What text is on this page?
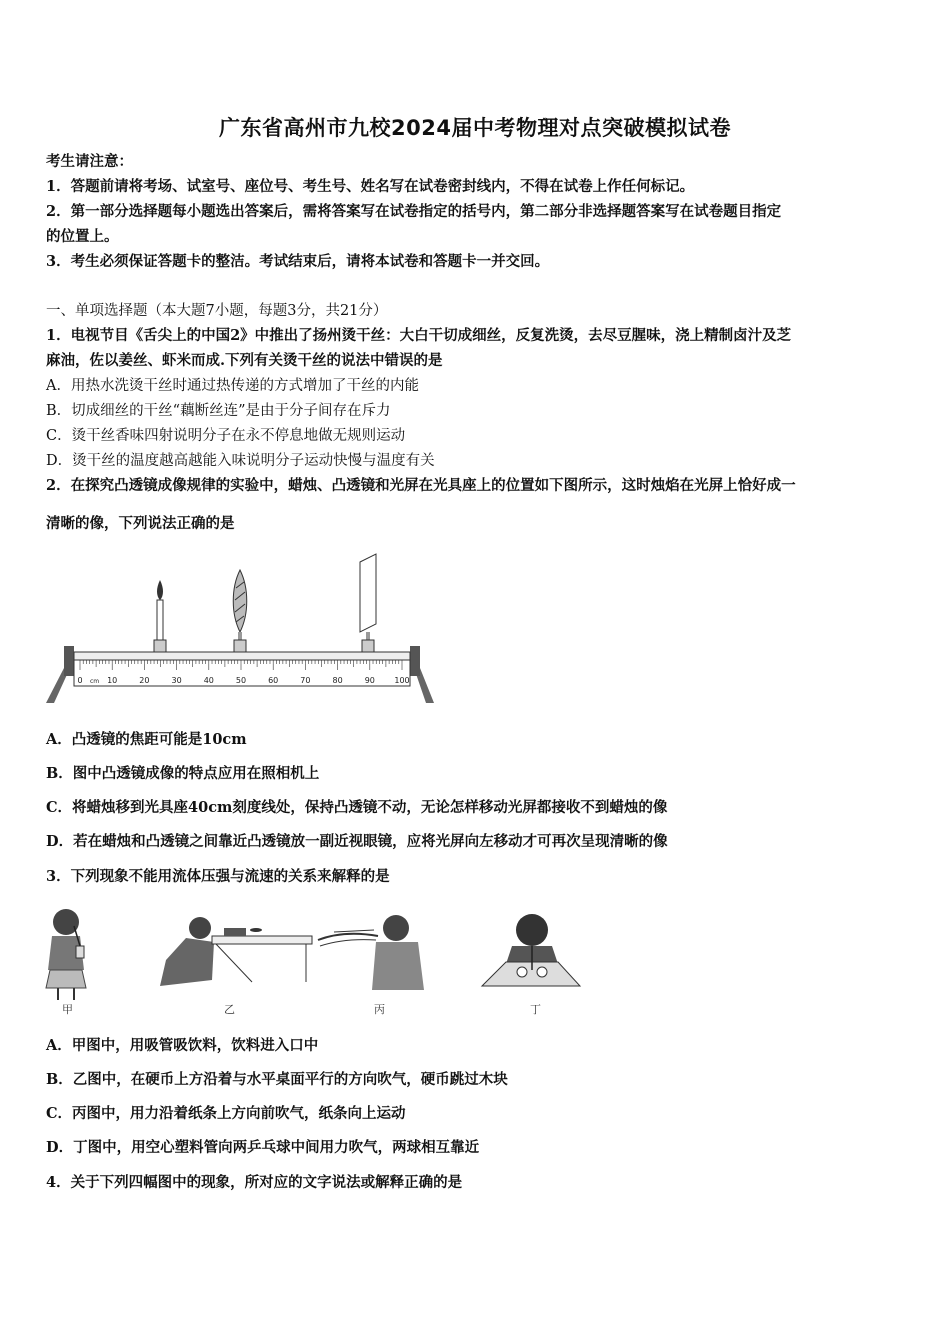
广东省高州市九校2024届中考物理对点突破模拟试卷
考生请注意：
1．答题前请将考场、试室号、座位号、考生号、姓名写在试卷密封线内，不得在试卷上作任何标记。
2．第一部分选择题每小题选出答案后，需将答案写在试卷指定的括号内，第二部分非选择题答案写在试卷题目指定
的位置上。
3．考生必须保证答题卡的整洁。考试结束后，请将本试卷和答题卡一并交回。
一、单项选择题（本大题7小题，每题3分，共21分）
1．电视节目《舌尖上的中国2》中推出了扬州烫干丝：大白干切成细丝，反复洗烫，去尽豆腥味，浇上精制卤汁及芝
麻油，佐以姜丝、虾米而成.下列有关烫干丝的说法中错误的是
A．用热水洗烫干丝时通过热传递的方式增加了干丝的内能
B．切成细丝的干丝“藕断丝连”是由于分子间存在斥力
C．烫干丝香味四射说明分子在永不停息地做无规则运动
D．烫干丝的温度越高越能入味说明分子运动快慢与温度有关
2．在探究凸透镜成像规律的实验中，蜡烛、凸透镜和光屏在光具座上的位置如下图所示，这时烛焰在光屏上恰好成一
清晰的像，下列说法正确的是
0	10	20	30	40	50	60	70	80	90 100
cm
A．凸透镜的焦距可能是10cm
B．图中凸透镜成像的特点应用在照相机上
C．将蜡烛移到光具座40cm刻度线处，保持凸透镜不动，无论怎样移动光屏都接收不到蜡烛的像
D．若在蜡烛和凸透镜之间靠近凸透镜放一副近视眼镜，应将光屏向左移动才可再次呈现清晰的像
3．下列现象不能用流体压强与流速的关系来解释的是
甲	乙	丙	丁
A．甲图中，用吸管吸饮料，饮料进入口中
B．乙图中，在硬币上方沿着与水平桌面平行的方向吹气，硬币跳过木块
C．丙图中，用力沿着纸条上方向前吹气，纸条向上运动
D．丁图中，用空心塑料管向两乒乓球中间用力吹气，两球相互靠近
4．关于下列四幅图中的现象，所对应的文字说法或解释正确的是
